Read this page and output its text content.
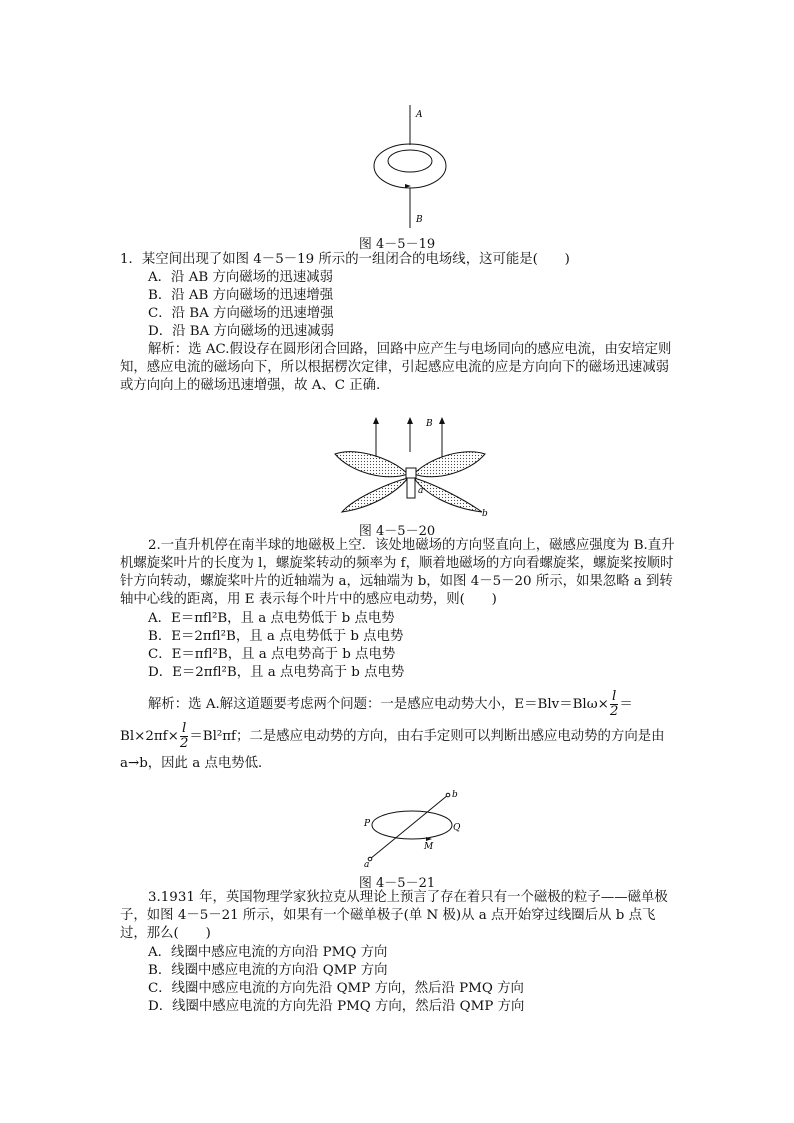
A
B
图 4－5－19
1．某空间出现了如图 4－5－19 所示的一组闭合的电场线，这可能是(　　)
A．沿 AB 方向磁场的迅速减弱
B．沿 AB 方向磁场的迅速增强
C．沿 BA 方向磁场的迅速增强
D．沿 BA 方向磁场的迅速减弱
解析：选 AC.假设存在圆形闭合回路，回路中应产生与电场同向的感应电流，由安培定则知，感应电流的磁场向下，所以根据楞次定律，引起感应电流的应是方向向下的磁场迅速减弱或方向向上的磁场迅速增强，故 A、C 正确．
B
a
b
图 4－5－20
2.一直升机停在南半球的地磁极上空．该处地磁场的方向竖直向上，磁感应强度为 B.直升机螺旋桨叶片的长度为 l，螺旋桨转动的频率为 f，顺着地磁场的方向看螺旋桨，螺旋桨按顺时针方向转动，螺旋桨叶片的近轴端为 a，远轴端为 b，如图 4－5－20 所示，如果忽略 a 到转轴中心线的距离，用 E 表示每个叶片中的感应电动势，则(　　)
A．E＝πfl²B，且 a 点电势低于 b 点电势
B．E＝2πfl²B，且 a 点电势低于 b 点电势
C．E＝πfl²B，且 a 点电势高于 b 点电势
D．E＝2πfl²B，且 a 点电势高于 b 点电势
解析：选 A.解这道题要考虑两个问题：一是感应电动势大小，$E=Blv=Bl\omega\times \frac{l}{2}$ ＝
$Bl\times 2\pi f\times \frac{l}{2} =Bl^2\pi f$；二是感应电动势的方向，由右手定则可以判断出感应电动势的方向是由 a→b，因此 a 点电势低．
P	Q
M
a
b
图 4－5－21
3.1931 年，英国物理学家狄拉克从理论上预言了存在着只有一个磁极的粒子——磁单极子，如图 4－5－21 所示，如果有一个磁单极子(单 N 极)从 a 点开始穿过线圈后从 b 点飞过，那么(　　)
A．线圈中感应电流的方向沿 PMQ 方向
B．线圈中感应电流的方向沿 QMP 方向
C．线圈中感应电流的方向先沿 QMP 方向，然后沿 PMQ 方向
D．线圈中感应电流的方向先沿 PMQ 方向，然后沿 QMP 方向
